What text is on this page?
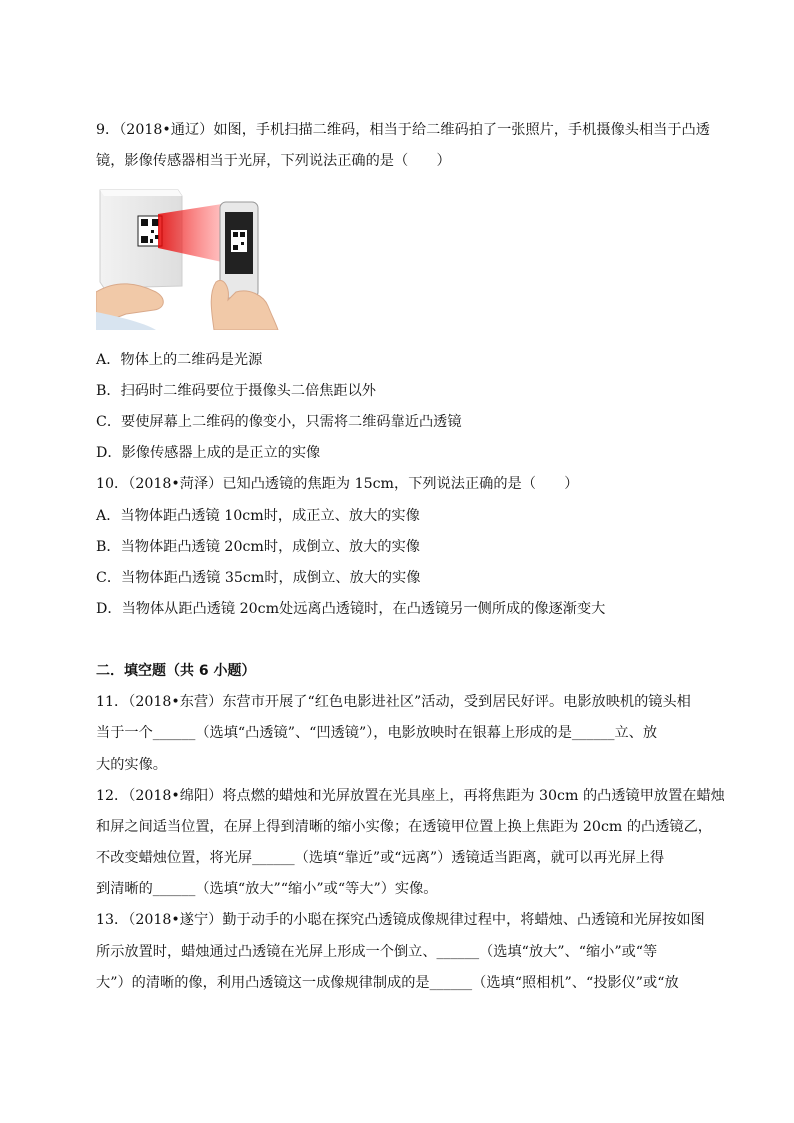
9．（2018•通辽）如图，手机扫描二维码，相当于给二维码拍了一张照片，手机摄像头相当于凸透
镜，影像传感器相当于光屏，下列说法正确的是（　　）
A．物体上的二维码是光源
B．扫码时二维码要位于摄像头二倍焦距以外
C．要使屏幕上二维码的像变小，只需将二维码靠近凸透镜
D．影像传感器上成的是正立的实像
10．（2018•菏泽）已知凸透镜的焦距为 15cm，下列说法正确的是（　　）
A．当物体距凸透镜 10cm时，成正立、放大的实像
B．当物体距凸透镜 20cm时，成倒立、放大的实像
C．当物体距凸透镜 35cm时，成倒立、放大的实像
D．当物体从距凸透镜 20cm处远离凸透镜时，在凸透镜另一侧所成的像逐渐变大
二．填空题（共 6 小题）
11．（2018•东营）东营市开展了“红色电影进社区”活动，受到居民好评。电影放映机的镜头相
当于一个______（选填“凸透镜”、“凹透镜”），电影放映时在银幕上形成的是______立、放
大的实像。
12．（2018•绵阳）将点燃的蜡烛和光屏放置在光具座上，再将焦距为 30cm 的凸透镜甲放置在蜡烛
和屏之间适当位置，在屏上得到清晰的缩小实像；在透镜甲位置上换上焦距为 20cm 的凸透镜乙，
不改变蜡烛位置，将光屏______（选填“靠近”或“远离”）透镜适当距离，就可以再光屏上得
到清晰的______（选填“放大”“缩小”或“等大”）实像。
13．（2018•遂宁）勤于动手的小聪在探究凸透镜成像规律过程中，将蜡烛、凸透镜和光屏按如图
所示放置时，蜡烛通过凸透镜在光屏上形成一个倒立、______（选填“放大”、“缩小”或“等
大”）的清晰的像，利用凸透镜这一成像规律制成的是______（选填“照相机”、“投影仪”或“放
